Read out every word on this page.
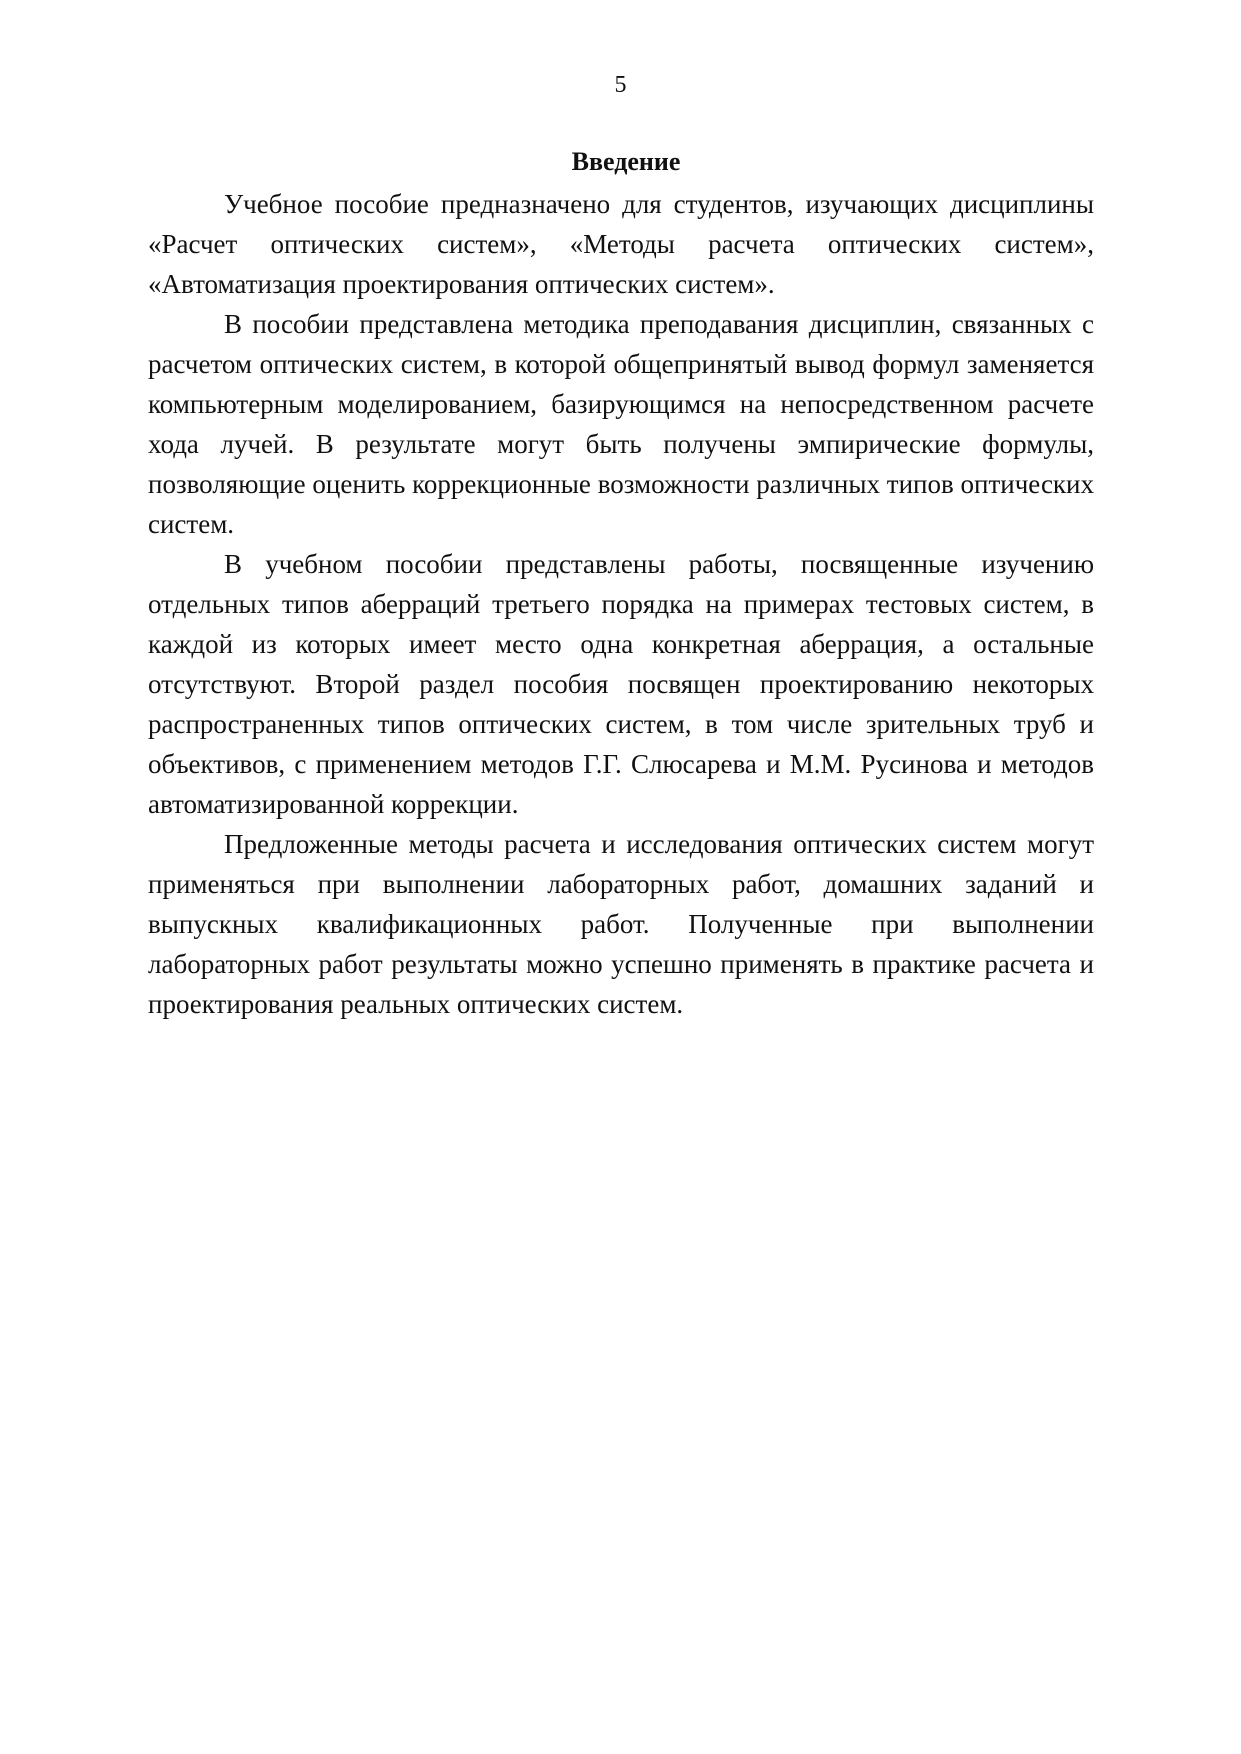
5
Введение

Учебное пособие предназначено для студентов, изучающих дисциплины «Расчет оптических систем», «Методы расчета оптических систем», «Автоматизация проектирования оптических систем».

В пособии представлена методика преподавания дисциплин, связанных с расчетом оптических систем, в которой общепринятый вывод формул заменяется компьютерным моделированием, базирующимся на непосредственном расчете хода лучей. В результате могут быть получены эмпирические формулы, позволяющие оценить коррекционные возможности различных типов оптических систем.

В учебном пособии представлены работы, посвященные изучению отдельных типов аберраций третьего порядка на примерах тестовых систем, в каждой из которых имеет место одна конкретная аберрация, а остальные отсутствуют. Второй раздел пособия посвящен проектированию некоторых распространенных типов оптических систем, в том числе зрительных труб и объективов, с применением методов Г.Г. Слюсарева и М.М. Русинова и методов автоматизированной коррекции.

Предложенные методы расчета и исследования оптических систем могут применяться при выполнении лабораторных работ, домашних заданий и выпускных квалификационных работ. Полученные при выполнении лабораторных работ результаты можно успешно применять в практике расчета и проектирования реальных оптических систем.
